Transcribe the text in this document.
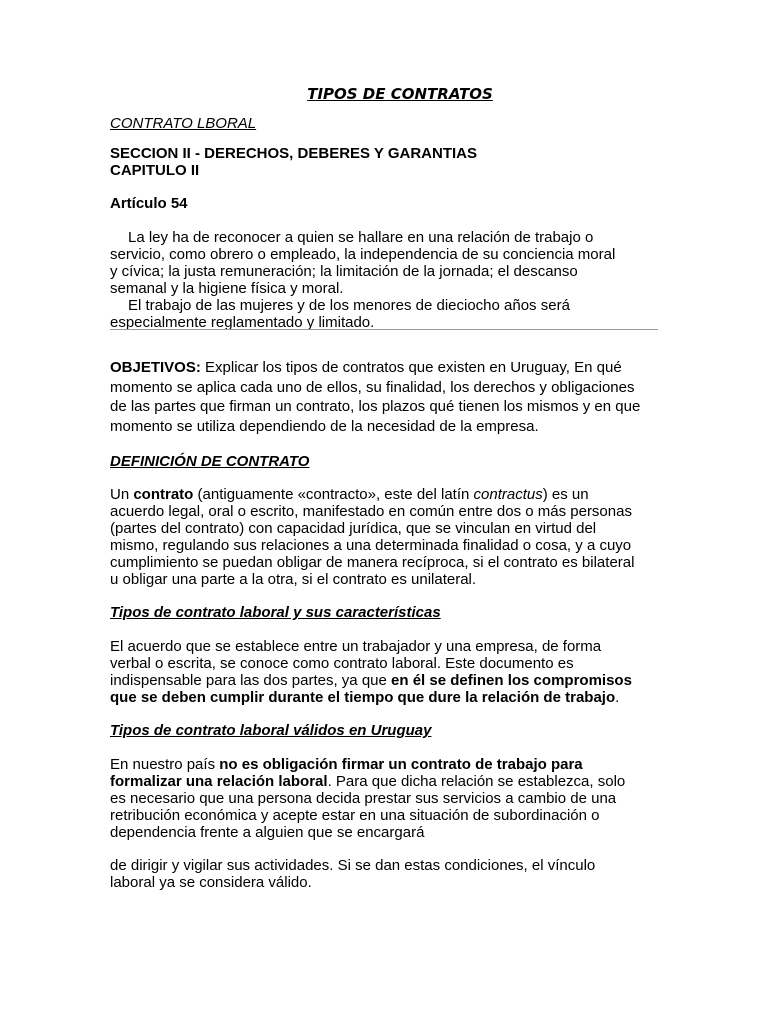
TIPOS DE CONTRATOS
CONTRATO LBORAL
SECCION II - DERECHOS, DEBERES Y GARANTIAS
CAPITULO II
Artículo 54
La ley ha de reconocer a quien se hallare en una relación de trabajo o
servicio, como obrero o empleado, la independencia de su conciencia moral
y cívica; la justa remuneración; la limitación de la jornada; el descanso
semanal y la higiene física y moral.
El trabajo de las mujeres y de los menores de dieciocho años será
especialmente reglamentado y limitado.
OBJETIVOS: Explicar los tipos de contratos que existen en Uruguay, En qué
momento se aplica cada uno de ellos, su finalidad, los derechos y obligaciones
de las partes que firman un contrato, los plazos qué tienen los mismos y en que
momento se utiliza dependiendo de la necesidad de la empresa.
DEFINICIÓN DE CONTRATO
Un contrato (antiguamente «contracto», este del latín contractus) es un
acuerdo legal, oral o escrito, manifestado en común entre dos o más personas
(partes del contrato) con capacidad jurídica, que se vinculan en virtud del
mismo, regulando sus relaciones a una determinada finalidad o cosa, y a cuyo
cumplimiento se puedan obligar de manera recíproca, si el contrato es bilateral
u obligar una parte a la otra, si el contrato es unilateral.
Tipos de contrato laboral y sus características
El acuerdo que se establece entre un trabajador y una empresa, de forma
verbal o escrita, se conoce como contrato laboral. Este documento es
indispensable para las dos partes, ya que en él se definen los compromisos
que se deben cumplir durante el tiempo que dure la relación de trabajo.
Tipos de contrato laboral válidos en Uruguay
En nuestro país no es obligación firmar un contrato de trabajo para
formalizar una relación laboral. Para que dicha relación se establezca, solo
es necesario que una persona decida prestar sus servicios a cambio de una
retribución económica y acepte estar en una situación de subordinación o
dependencia frente a alguien que se encargará
de dirigir y vigilar sus actividades. Si se dan estas condiciones, el vínculo
laboral ya se considera válido.
